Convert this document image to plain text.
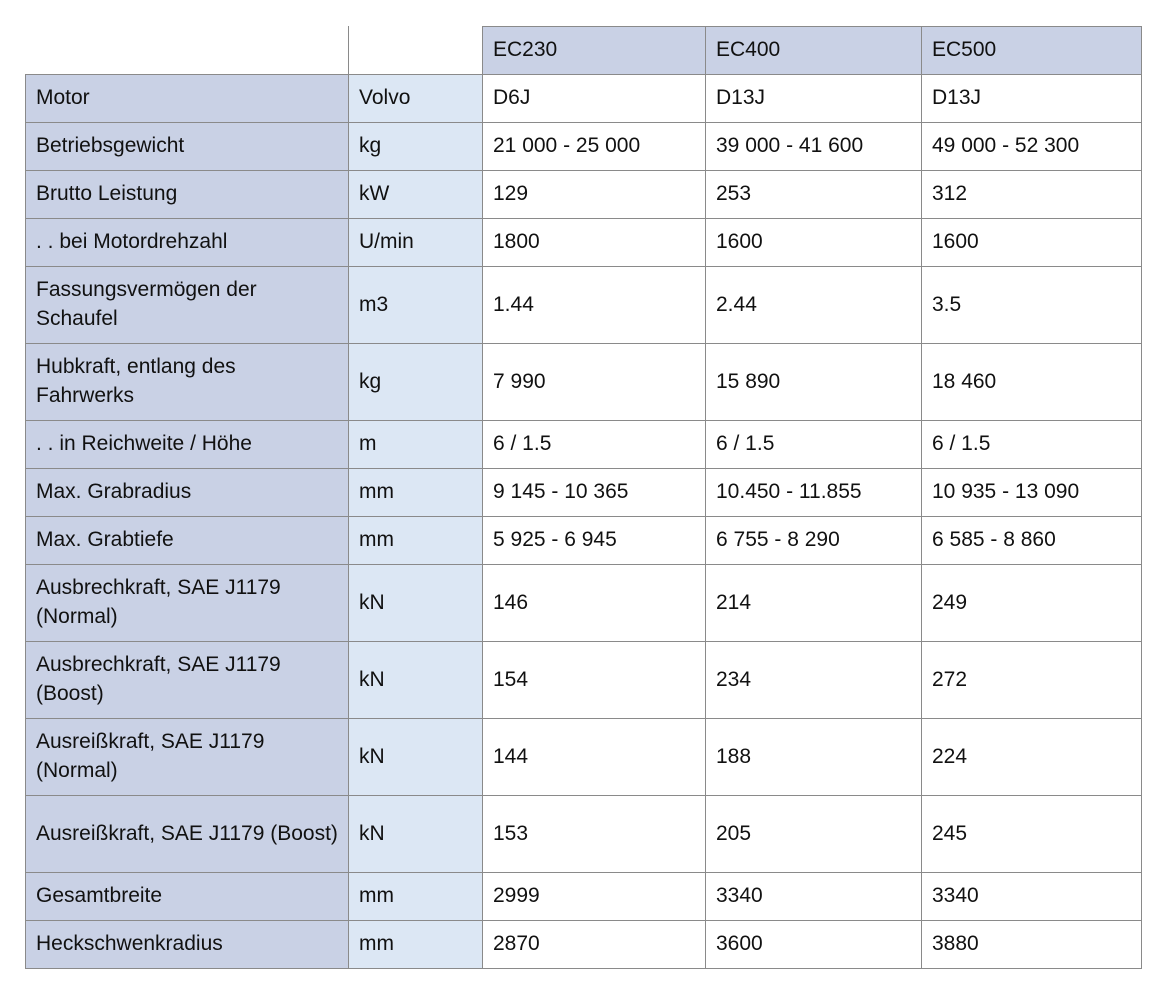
		EC230	EC400	EC500
Motor	Volvo	D6J	D13J	D13J
Betriebsgewicht	kg	21 000 - 25 000	39 000 - 41 600	49 000 - 52 300
Brutto Leistung	kW	129	253	312
. . bei Motordrehzahl	U/min	1800	1600	1600
Fassungsvermögen der Schaufel	m3	1.44	2.44	3.5
Hubkraft, entlang des Fahrwerks	kg	7 990	15 890	18 460
. . in Reichweite / Höhe	m	6 / 1.5	6 / 1.5	6 / 1.5
Max. Grabradius	mm	9 145 - 10 365	10.450 - 11.855	10 935 - 13 090
Max. Grabtiefe	mm	5 925 - 6 945	6 755 - 8 290	6 585 - 8 860
Ausbrechkraft, SAE J1179 (Normal)	kN	146	214	249
Ausbrechkraft, SAE J1179 (Boost)	kN	154	234	272
Ausreißkraft, SAE J1179 (Normal)	kN	144	188	224
Ausreißkraft, SAE J1179 (Boost)	kN	153	205	245
Gesamtbreite	mm	2999	3340	3340
Heckschwenkradius	mm	2870	3600	3880
